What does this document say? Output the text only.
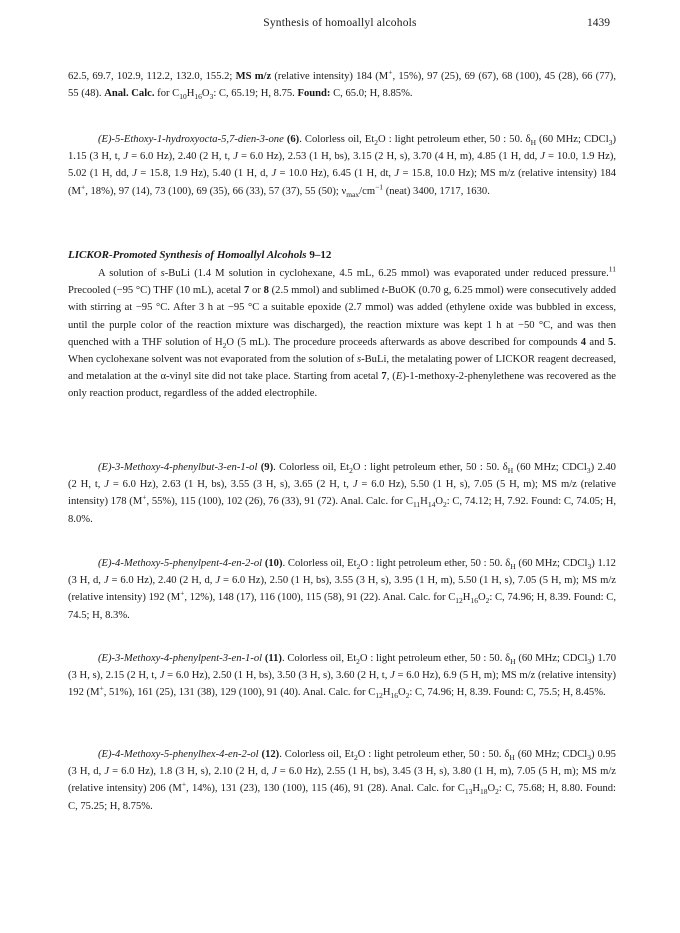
Synthesis of homoallyl alcohols	1439
62.5, 69.7, 102.9, 112.2, 132.0, 155.2; MS m/z (relative intensity) 184 (M+, 15%), 97 (25), 69 (67), 68 (100), 45 (28), 66 (77), 55 (48). Anal. Calc. for $C_{10}H_{16}O_3$: C, 65.19; H, 8.75. Found: C, 65.0; H, 8.85%.
(E)-5-Ethoxy-1-hydroxyocta-5,7-dien-3-one (6). Colorless oil, $Et_2O$ : light petroleum ether, 50 : 50. $\delta_H$ (60 MHz; CDCl$_3$) 1.15 (3 H, t, J = 6.0 Hz), 2.40 (2 H, t, J = 6.0 Hz), 2.53 (1 H, bs), 3.15 (2 H, s), 3.70 (4 H, m), 4.85 (1 H, dd, J = 10.0, 1.9 Hz), 5.02 (1 H, dd, J = 15.8, 1.9 Hz), 5.40 (1 H, d, J = 10.0 Hz), 6.45 (1 H, dt, J = 15.8, 10.0 Hz); MS m/z (relative intensity) 184 (M+, 18%), 97 (14), 73 (100), 69 (35), 66 (33), 57 (37), 55 (50); $\nu_{max}/cm^{-1}$ (neat) 3400, 1717, 1630.
LICKOR-Promoted Synthesis of Homoallyl Alcohols 9–12
A solution of s-BuLi (1.4 M solution in cyclohexane, 4.5 mL, 6.25 mmol) was evaporated under reduced pressure.$^{11}$ Precooled (−95 °C) THF (10 mL), acetal 7 or 8 (2.5 mmol) and sublimed t-BuOK (0.70 g, 6.25 mmol) were consecutively added with stirring at −95 °C. After 3 h at −95 °C a suitable epoxide (2.7 mmol) was added (ethylene oxide was bubbled in excess, until the purple color of the reaction mixture was discharged), the reaction mixture was kept 1 h at −50 °C, and was then quenched with a THF solution of $H_2O$ (5 mL). The procedure proceeds afterwards as above described for compounds 4 and 5. When cyclohexane solvent was not evaporated from the solution of s-BuLi, the metalating power of LICKOR reagent decreased, and metalation at the α-vinyl site did not take place. Starting from acetal 7, (E)-1-methoxy-2-phenylethene was recovered as the only reaction product, regardless of the added electrophile.
(E)-3-Methoxy-4-phenylbut-3-en-1-ol (9). Colorless oil, $Et_2O$ : light petroleum ether, 50 : 50. $\delta_H$ (60 MHz; CDCl$_3$) 2.40 (2 H, t, J = 6.0 Hz), 2.63 (1 H, bs), 3.55 (3 H, s), 3.65 (2 H, t, J = 6.0 Hz), 5.50 (1 H, s), 7.05 (5 H, m); MS m/z (relative intensity) 178 (M+, 55%), 115 (100), 102 (26), 76 (33), 91 (72). Anal. Calc. for $C_{11}H_{14}O_2$: C, 74.12; H, 7.92. Found: C, 74.05; H, 8.0%.
(E)-4-Methoxy-5-phenylpent-4-en-2-ol (10). Colorless oil, $Et_2O$ : light petroleum ether, 50 : 50. $\delta_H$ (60 MHz; CDCl$_3$) 1.12 (3 H, d, J = 6.0 Hz), 2.40 (2 H, d, J = 6.0 Hz), 2.50 (1 H, bs), 3.55 (3 H, s), 3.95 (1 H, m), 5.50 (1 H, s), 7.05 (5 H, m); MS m/z (relative intensity) 192 (M+, 12%), 148 (17), 116 (100), 115 (58), 91 (22). Anal. Calc. for $C_{12}H_{16}O_2$: C, 74.96; H, 8.39. Found: C, 74.5; H, 8.3%.
(E)-3-Methoxy-4-phenylpent-3-en-1-ol (11). Colorless oil, $Et_2O$ : light petroleum ether, 50 : 50. $\delta_H$ (60 MHz; CDCl$_3$) 1.70 (3 H, s), 2.15 (2 H, t, J = 6.0 Hz), 2.50 (1 H, bs), 3.50 (3 H, s), 3.60 (2 H, t, J = 6.0 Hz), 6.9 (5 H, m); MS m/z (relative intensity) 192 (M+, 51%), 161 (25), 131 (38), 129 (100), 91 (40). Anal. Calc. for $C_{12}H_{16}O_2$: C, 74.96; H, 8.39. Found: C, 75.5; H, 8.45%.
(E)-4-Methoxy-5-phenylhex-4-en-2-ol (12). Colorless oil, $Et_2O$ : light petroleum ether, 50 : 50. $\delta_H$ (60 MHz; CDCl$_3$) 0.95 (3 H, d, J = 6.0 Hz), 1.8 (3 H, s), 2.10 (2 H, d, J = 6.0 Hz), 2.55 (1 H, bs), 3.45 (3 H, s), 3.80 (1 H, m), 7.05 (5 H, m); MS m/z (relative intensity) 206 (M+, 14%), 131 (23), 130 (100), 115 (46), 91 (28). Anal. Calc. for $C_{13}H_{18}O_2$: C, 75.68; H, 8.80. Found: C, 75.25; H, 8.75%.
